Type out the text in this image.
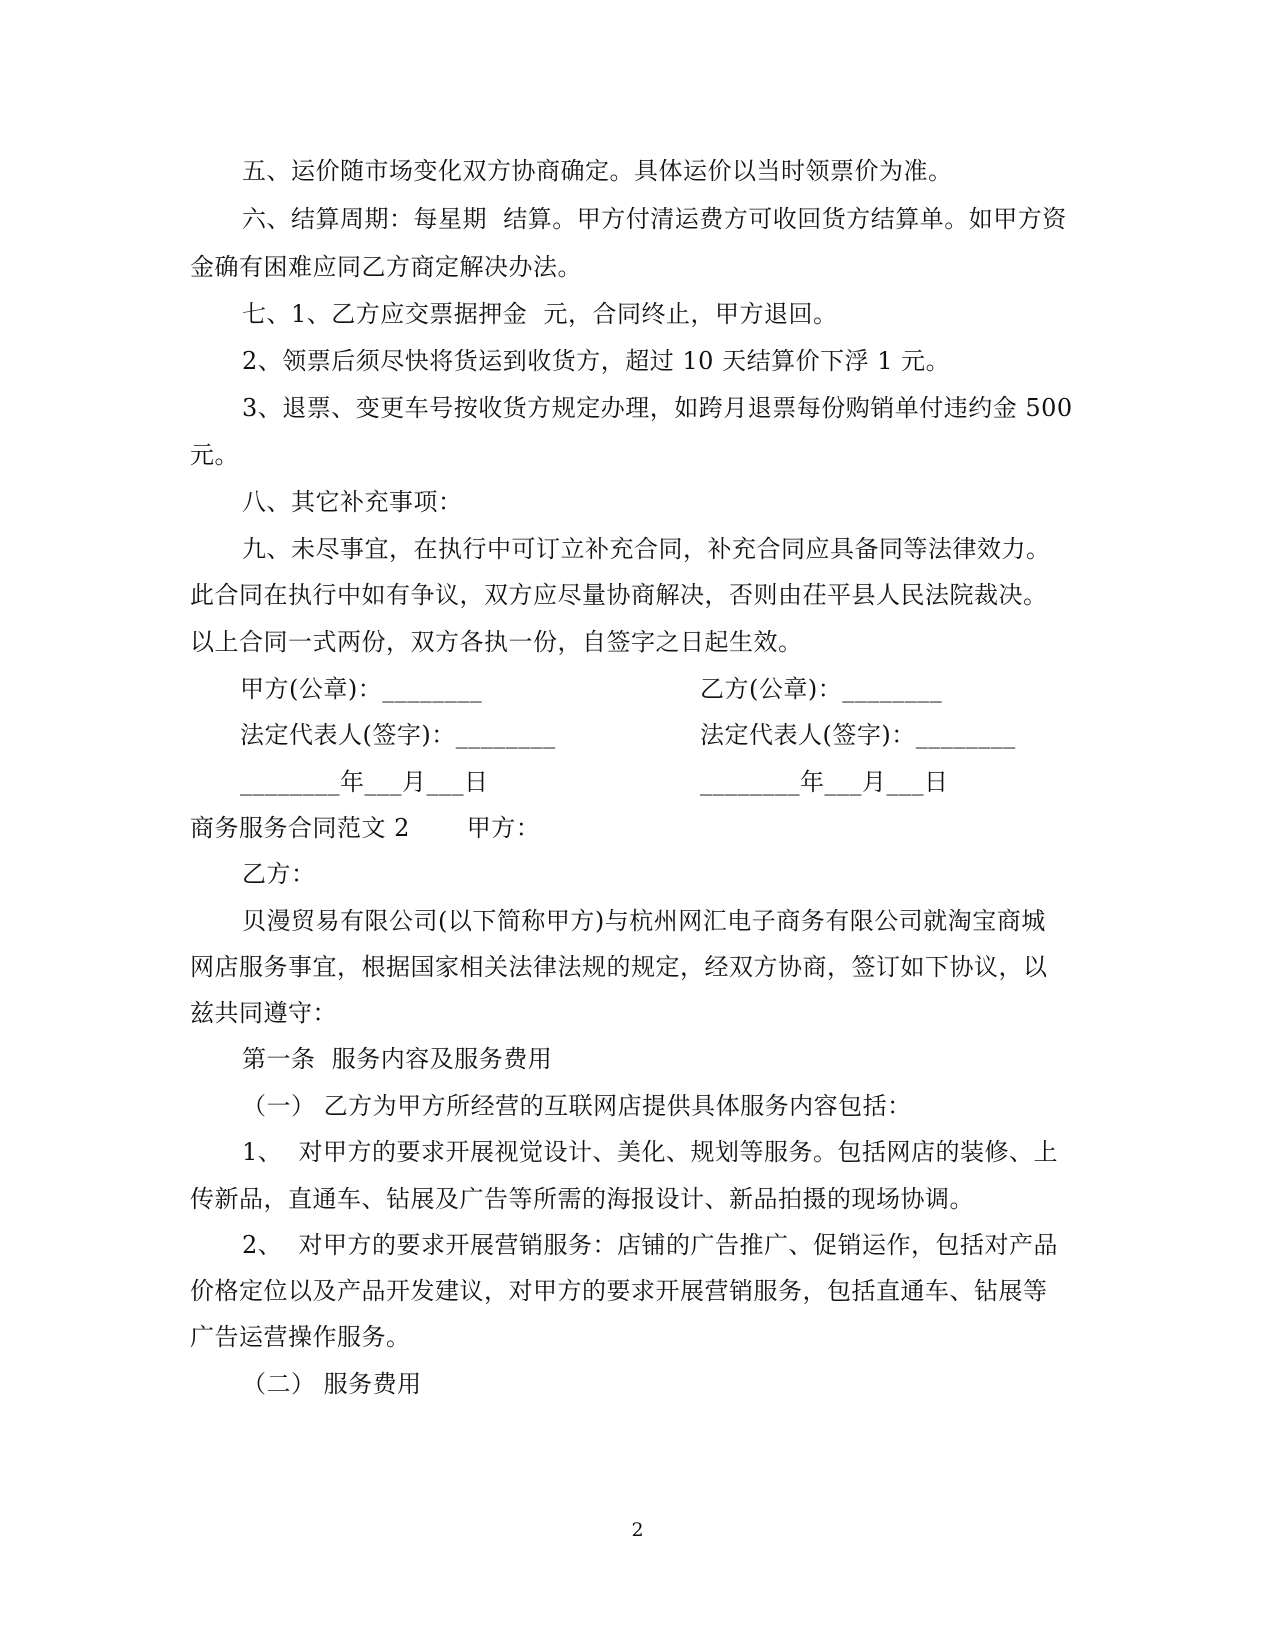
五、运价随市场变化双方协商确定。具体运价以当时领票价为准。
六、结算周期：每星期  结算。甲方付清运费方可收回货方结算单。如甲方资
金确有困难应同乙方商定解决办法。
七、1、乙方应交票据押金  元，合同终止，甲方退回。
2、领票后须尽快将货运到收货方，超过 10 天结算价下浮 1 元。
3、退票、变更车号按收货方规定办理，如跨月退票每份购销单付违约金 500
元。
八、其它补充事项：
九、未尽事宜，在执行中可订立补充合同，补充合同应具备同等法律效力。
此合同在执行中如有争议，双方应尽量协商解决，否则由茌平县人民法院裁决。
以上合同一式两份，双方各执一份，自签字之日起生效。
甲方(公章)：________	乙方(公章)：________
法定代表人(签字)：________	法定代表人(签字)：________
________年___月___日	________年___月___日
商务服务合同范文 2       甲方：
乙方：
贝漫贸易有限公司(以下简称甲方)与杭州网汇电子商务有限公司就淘宝商城
网店服务事宜，根据国家相关法律法规的规定，经双方协商，签订如下协议，以
兹共同遵守：
第一条  服务内容及服务费用
（一） 乙方为甲方所经营的互联网店提供具体服务内容包括：
1、  对甲方的要求开展视觉设计、美化、规划等服务。包括网店的装修、上
传新品，直通车、钻展及广告等所需的海报设计、新品拍摄的现场协调。
2、  对甲方的要求开展营销服务：店铺的广告推广、促销运作，包括对产品
价格定位以及产品开发建议，对甲方的要求开展营销服务，包括直通车、钻展等
广告运营操作服务。
（二） 服务费用
2
